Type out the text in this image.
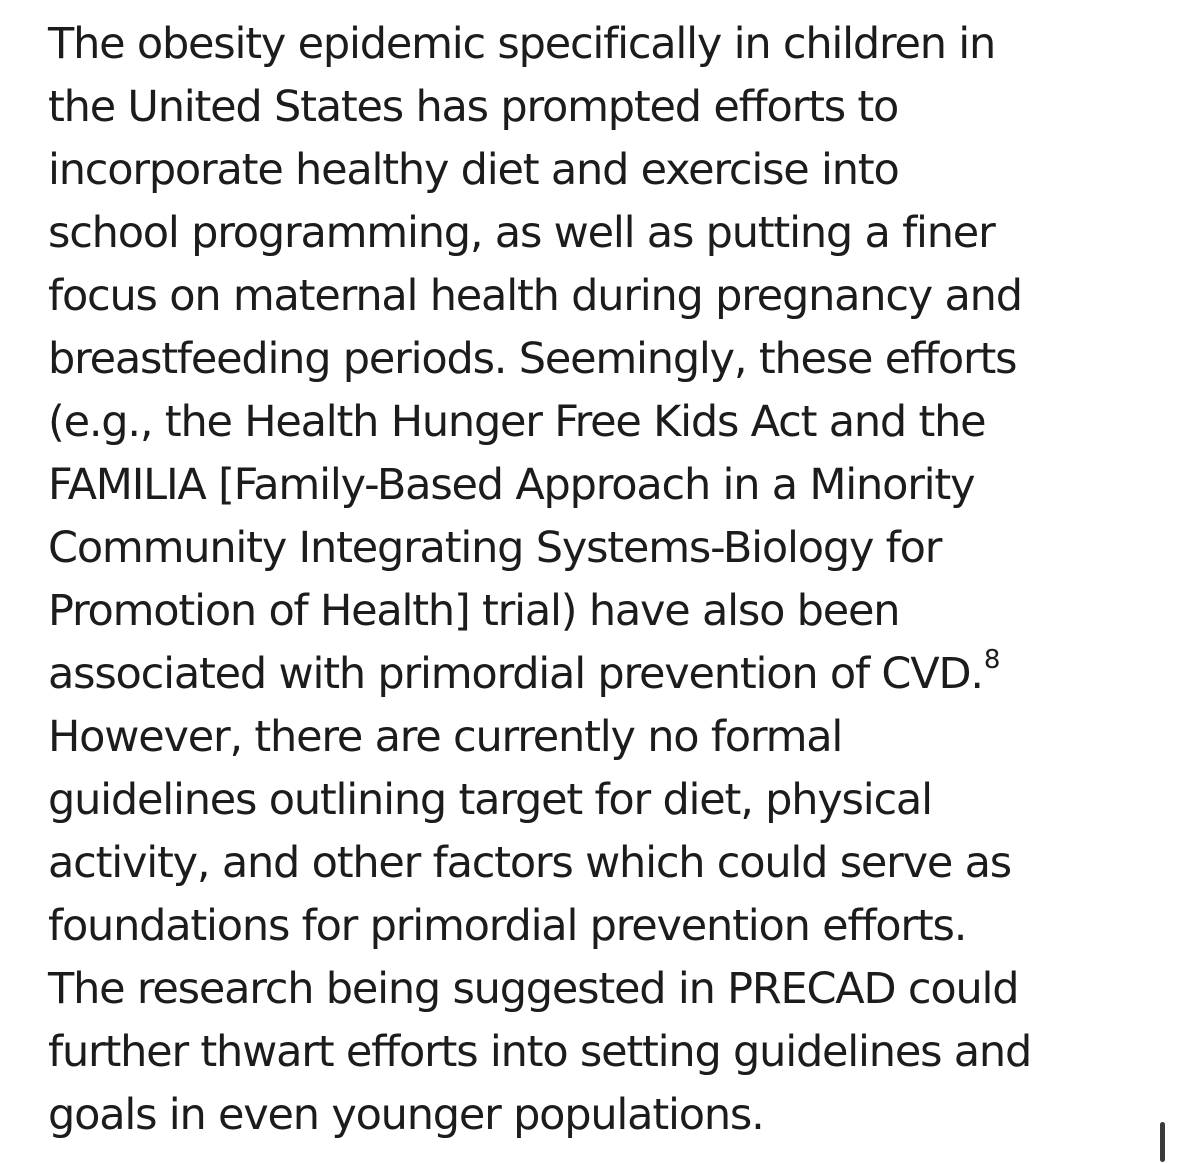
The obesity epidemic specifically in children in
the United States has prompted efforts to
incorporate healthy diet and exercise into
school programming, as well as putting a finer
focus on maternal health during pregnancy and
breastfeeding periods. Seemingly, these efforts
(e.g., the Health Hunger Free Kids Act and the
FAMILIA [Family-Based Approach in a Minority
Community Integrating Systems-Biology for
Promotion of Health] trial) have also been
associated with primordial prevention of CVD.$^8$
However, there are currently no formal
guidelines outlining target for diet, physical
activity, and other factors which could serve as
foundations for primordial prevention efforts.
The research being suggested in PRECAD could
further thwart efforts into setting guidelines and
goals in even younger populations.
